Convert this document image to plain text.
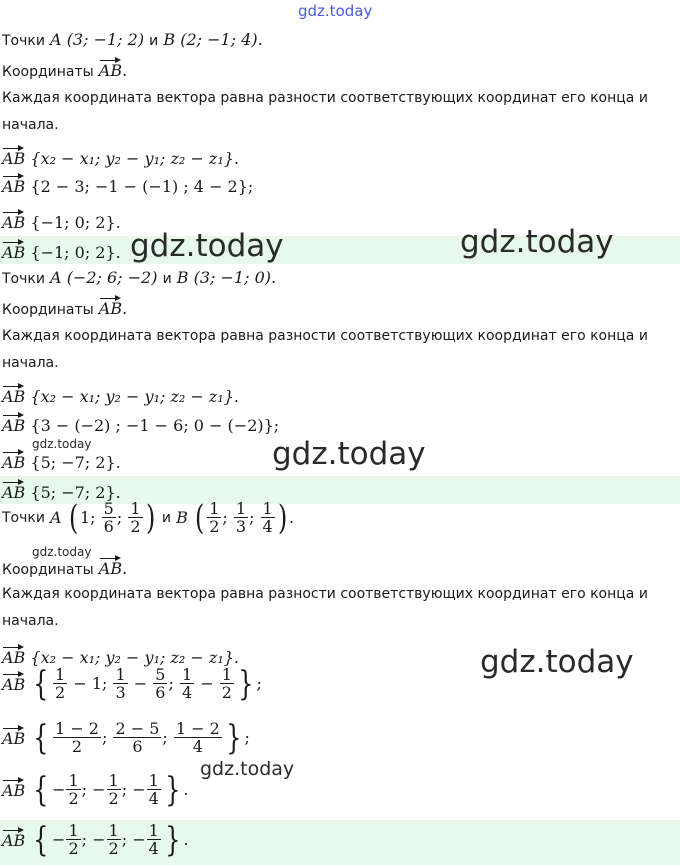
gdz.today
Точки A (3; −1; 2) и B (2; −1; 4).
Координаты AB.
Каждая координата вектора равна разности соответствующих координат его конца и
начала.
AB {x₂ − x₁; y₂ − y₁; z₂ − z₁}.
AB {2 − 3; −1 − (−1) ; 4 − 2};
AB {−1; 0; 2}.
AB {−1; 0; 2}. gdz.today	gdz.today
Точки A (−2; 6; −2) и B (3; −1; 0).
Координаты AB.
Каждая координата вектора равна разности соответствующих координат его конца и
начала.
AB {x₂ − x₁; y₂ − y₁; z₂ − z₁}.
AB {3 − (−2) ; −1 − 6; 0 − (−2)};
AB {5; −7; 2}.
AB {5; −7; 2}.
gdz.today	gdz.today
Точки A ( 1; $\frac{5}{6}$ ; $\frac{1}{2}$ ) и B ( $\frac{1}{2}$ ; $\frac{1}{3}$ ; $\frac{1}{4}$ ) .
Координаты AB.
gdz.today
Каждая координата вектора равна разности соответствующих координат его конца и
начала.
AB {x₂ − x₁; y₂ − y₁; z₂ − z₁}.
AB { $\frac{1}{2} - 1$; $\frac{1}{3} - \frac{5}{6}$ ; $\frac{1}{4} - \frac{1}{2}$ } ;
AB { $\frac{1 - 2}{2}$ ; $\frac{2 - 5}{6}$ ; $\frac{1 - 2}{4}$ } ;
AB { − $\frac{1}{2}$ ; − $\frac{1}{2}$ ; − $\frac{1}{4}$ } .
AB { − $\frac{1}{2}$ ; − $\frac{1}{2}$ ; − $\frac{1}{4}$ } .
gdz.today
gdz.today
